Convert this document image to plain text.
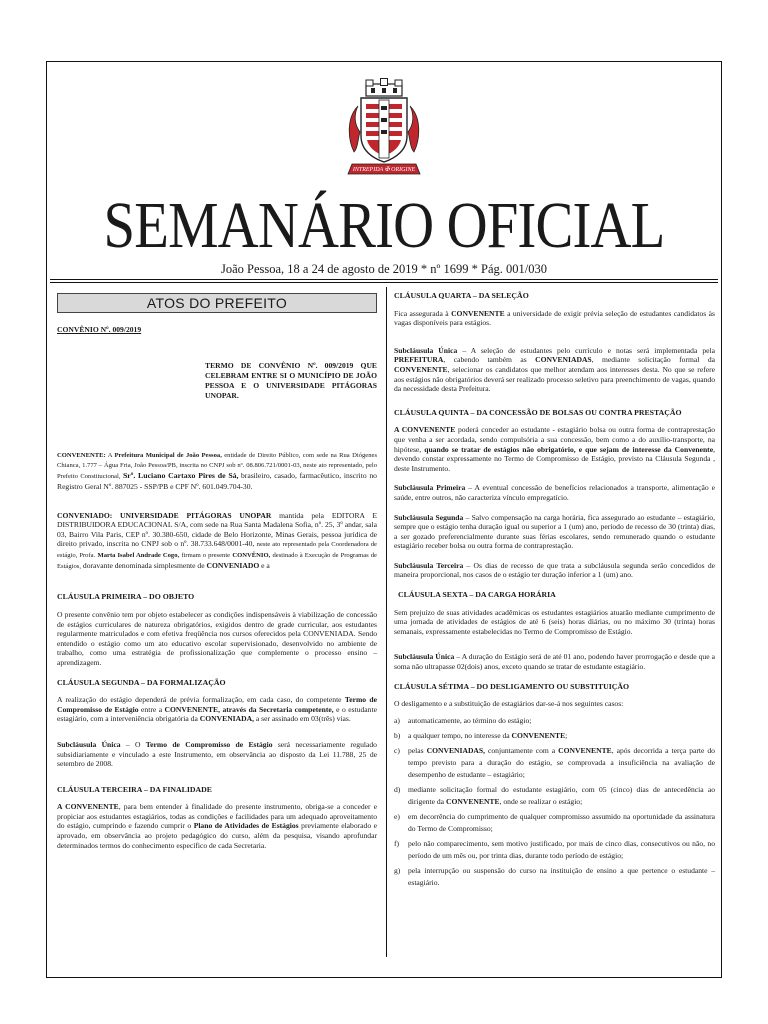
INTREPIDA ✠ ORIGINE
SEMANÁRIO OFICIAL
João Pessoa, 18 a 24 de agosto de 2019 * nº 1699 * Pág. 001/030
ATOS DO PREFEITO
CONVÊNIO Nº. 009/2019
TERMO DE CONVÊNIO Nº. 009/2019 QUE CELEBRAM ENTRE SI O MUNICÍPIO DE JOÃO PESSOA E O UNIVERSIDADE PITÁGORAS UNOPAR.

CONVENENTE: A Prefeitura Municipal de João Pessoa, entidade de Direito Público, com sede na Rua Diógenes Chianca, 1.777 – Água Fria, João Pessoa/PB, inscrita no CNPJ sob nº. 08.806.721/0001-03, neste ato representado, pelo Prefeito Constitucional, Srº. Luciano Cartaxo Pires de Sá, brasileiro, casado, farmacêutico, inscrito no Registro Geral Nº. 887025 - SSP/PB e CPF Nº. 601.049.704-30.

CONVENIADO: UNIVERSIDADE PITÁGORAS UNOPAR mantida pela EDITORA E DISTRIBUIDORA EDUCACIONAL S/A, com sede na Rua Santa Madalena Sofia, nº. 25, 3º andar, sala 03, Bairro Vila Paris, CEP nº. 30.380-650, cidade de Belo Horizonte, Minas Gerais, pessoa jurídica de direito privado, inscrita no CNPJ sob o nº. 38.733.648/0001-40, neste ato representado pela Coordenadora de estágio, Profa. Marta Isabel Andrade Cogo, firmam o presente CONVÊNIO, destinado à Execução de Programas de Estágios, doravante denominada simplesmente de CONVENIADO e a

CLÁUSULA PRIMEIRA – DO OBJETO

O presente convênio tem por objeto estabelecer as condições indispensáveis à viabilização de concessão de estágios curriculares de natureza obrigatórios, exigidos dentro de grade curricular, aos estudantes regularmente matriculados e com efetiva freqüência nos cursos oferecidos pela CONVENIADA. Sendo entendido o estágio como um ato educativo escolar supervisionado, desenvolvido no ambiente de trabalho, como uma estratégia de profissionalização que complemente o processo ensino – aprendizagem.

CLÁUSULA SEGUNDA – DA FORMALIZAÇÃO

A realização do estágio dependerá de prévia formalização, em cada caso, do competente Termo de Compromisso de Estágio entre a CONVENENTE, através da Secretaria competente, e o estudante estagiário, com a interveniência obrigatória da CONVENIADA, a ser assinado em 03(três) vias.

Subcláusula Única – O Termo de Compromisso de Estágio será necessariamente regulado subsidiariamente e vinculado a este Instrumento, em observância ao disposto da Lei 11.788, 25 de setembro de 2008.

CLÁUSULA TERCEIRA – DA FINALIDADE

A CONVENENTE, para bem entender à finalidade do presente instrumento, obriga-se a conceder e propiciar aos estudantes estagiários, todas as condições e facilidades para um adequado aproveitamento do estágio, cumprindo e fazendo cumprir o Plano de Atividades de Estágios previamente elaborado e aprovado, em observância ao projeto pedagógico do curso, além da pesquisa, visando aprofundar determinados termos do conhecimento específico de cada Secretaria.

CLÁUSULA QUARTA – DA SELEÇÃO

Fica assegurada à CONVENENTE a universidade de exigir prévia seleção de estudantes candidatos às vagas disponíveis para estágios.

Subcláusula Única – A seleção de estudantes pelo currículo e notas será implementada pela PREFEITURA, cabendo também as CONVENIADAS, mediante solicitação formal da CONVENENTE, selecionar os candidatos que melhor atendam aos interesses desta. No que se refere aos estágios não obrigatórios deverá ser realizado processo seletivo para preenchimento de vagas, quando da necessidade desta Prefeitura.

CLÁUSULA QUINTA – DA CONCESSÃO DE BOLSAS OU CONTRA PRESTAÇÃO

A CONVENENTE poderá conceder ao estudante - estagiário bolsa ou outra forma de contraprestação que venha a ser acordada, sendo compulsória a sua concessão, bem como a do auxílio-transporte, na hipótese, quando se tratar de estágios não obrigatório, e que sejam de interesse da Convenente, devendo constar expressamente no Termo de Compromisso de Estágio, previsto na Cláusula Segunda , deste Instrumento.

Subcláusula Primeira – A eventual concessão de benefícios relacionados a transporte, alimentação e saúde, entre outros, não caracteriza vínculo empregatício.

Subcláusula Segunda – Salvo compensação na carga horária, fica assegurado ao estudante – estagiário, sempre que o estágio tenha duração igual ou superior a 1 (um) ano, período de recesso de 30 (trinta) dias, a ser gozado preferencialmente durante suas férias escolares, sendo remunerado quando o estudante estagiário receber bolsa ou outra forma de contraprestação.

Subcláusula Terceira – Os dias de recesso de que trata a subcláusula segunda serão concedidos de maneira proporcional, nos casos de o estágio ter duração inferior a 1 (um) ano.

CLÁUSULA SEXTA – DA CARGA HORÁRIA

Sem prejuízo de suas atividades acadêmicas os estudantes estagiários atuarão mediante cumprimento de uma jornada de atividades de estágios de até 6 (seis) horas diárias, ou no máximo 30 (trinta) horas semanais, expressamente estabelecidas no Termo de Compromisso de Estágio.

Subcláusula Única – A duração do Estágio será de até 01 ano, podendo haver prorrogação e desde que a soma não ultrapasse 02(dois) anos, exceto quando se tratar de estudante estagiário.

CLÁUSULA SÉTIMA – DO DESLIGAMENTO OU SUBSTITUIÇÃO

O desligamento e a substituição de estagiários dar-se-á nos seguintes casos:

a)	automaticamente, ao término do estágio;
b)	a qualquer tempo, no interesse da CONVENENTE;
c)	pelas CONVENIADAS, conjuntamente com a CONVENENTE, após decorrida a terça parte do tempo previsto para a duração do estágio, se comprovada a insuficiência na avaliação de desempenho de estudante – estagiário;
d)	mediante solicitação formal do estudante estagiário, com 05 (cinco) dias de antecedência ao dirigente da CONVENENTE, onde se realizar o estágio;
e)	em decorrência do cumprimento de qualquer compromisso assumido na oportunidade da assinatura do Termo de Compromisso;
f)	pelo não comparecimento, sem motivo justificado, por mais de cinco dias, consecutivos ou não, no período de um mês ou, por trinta dias, durante todo período de estágio;
g)	pela interrupção ou suspensão do curso na instituição de ensino a que pertence o estudante – estagiário.
